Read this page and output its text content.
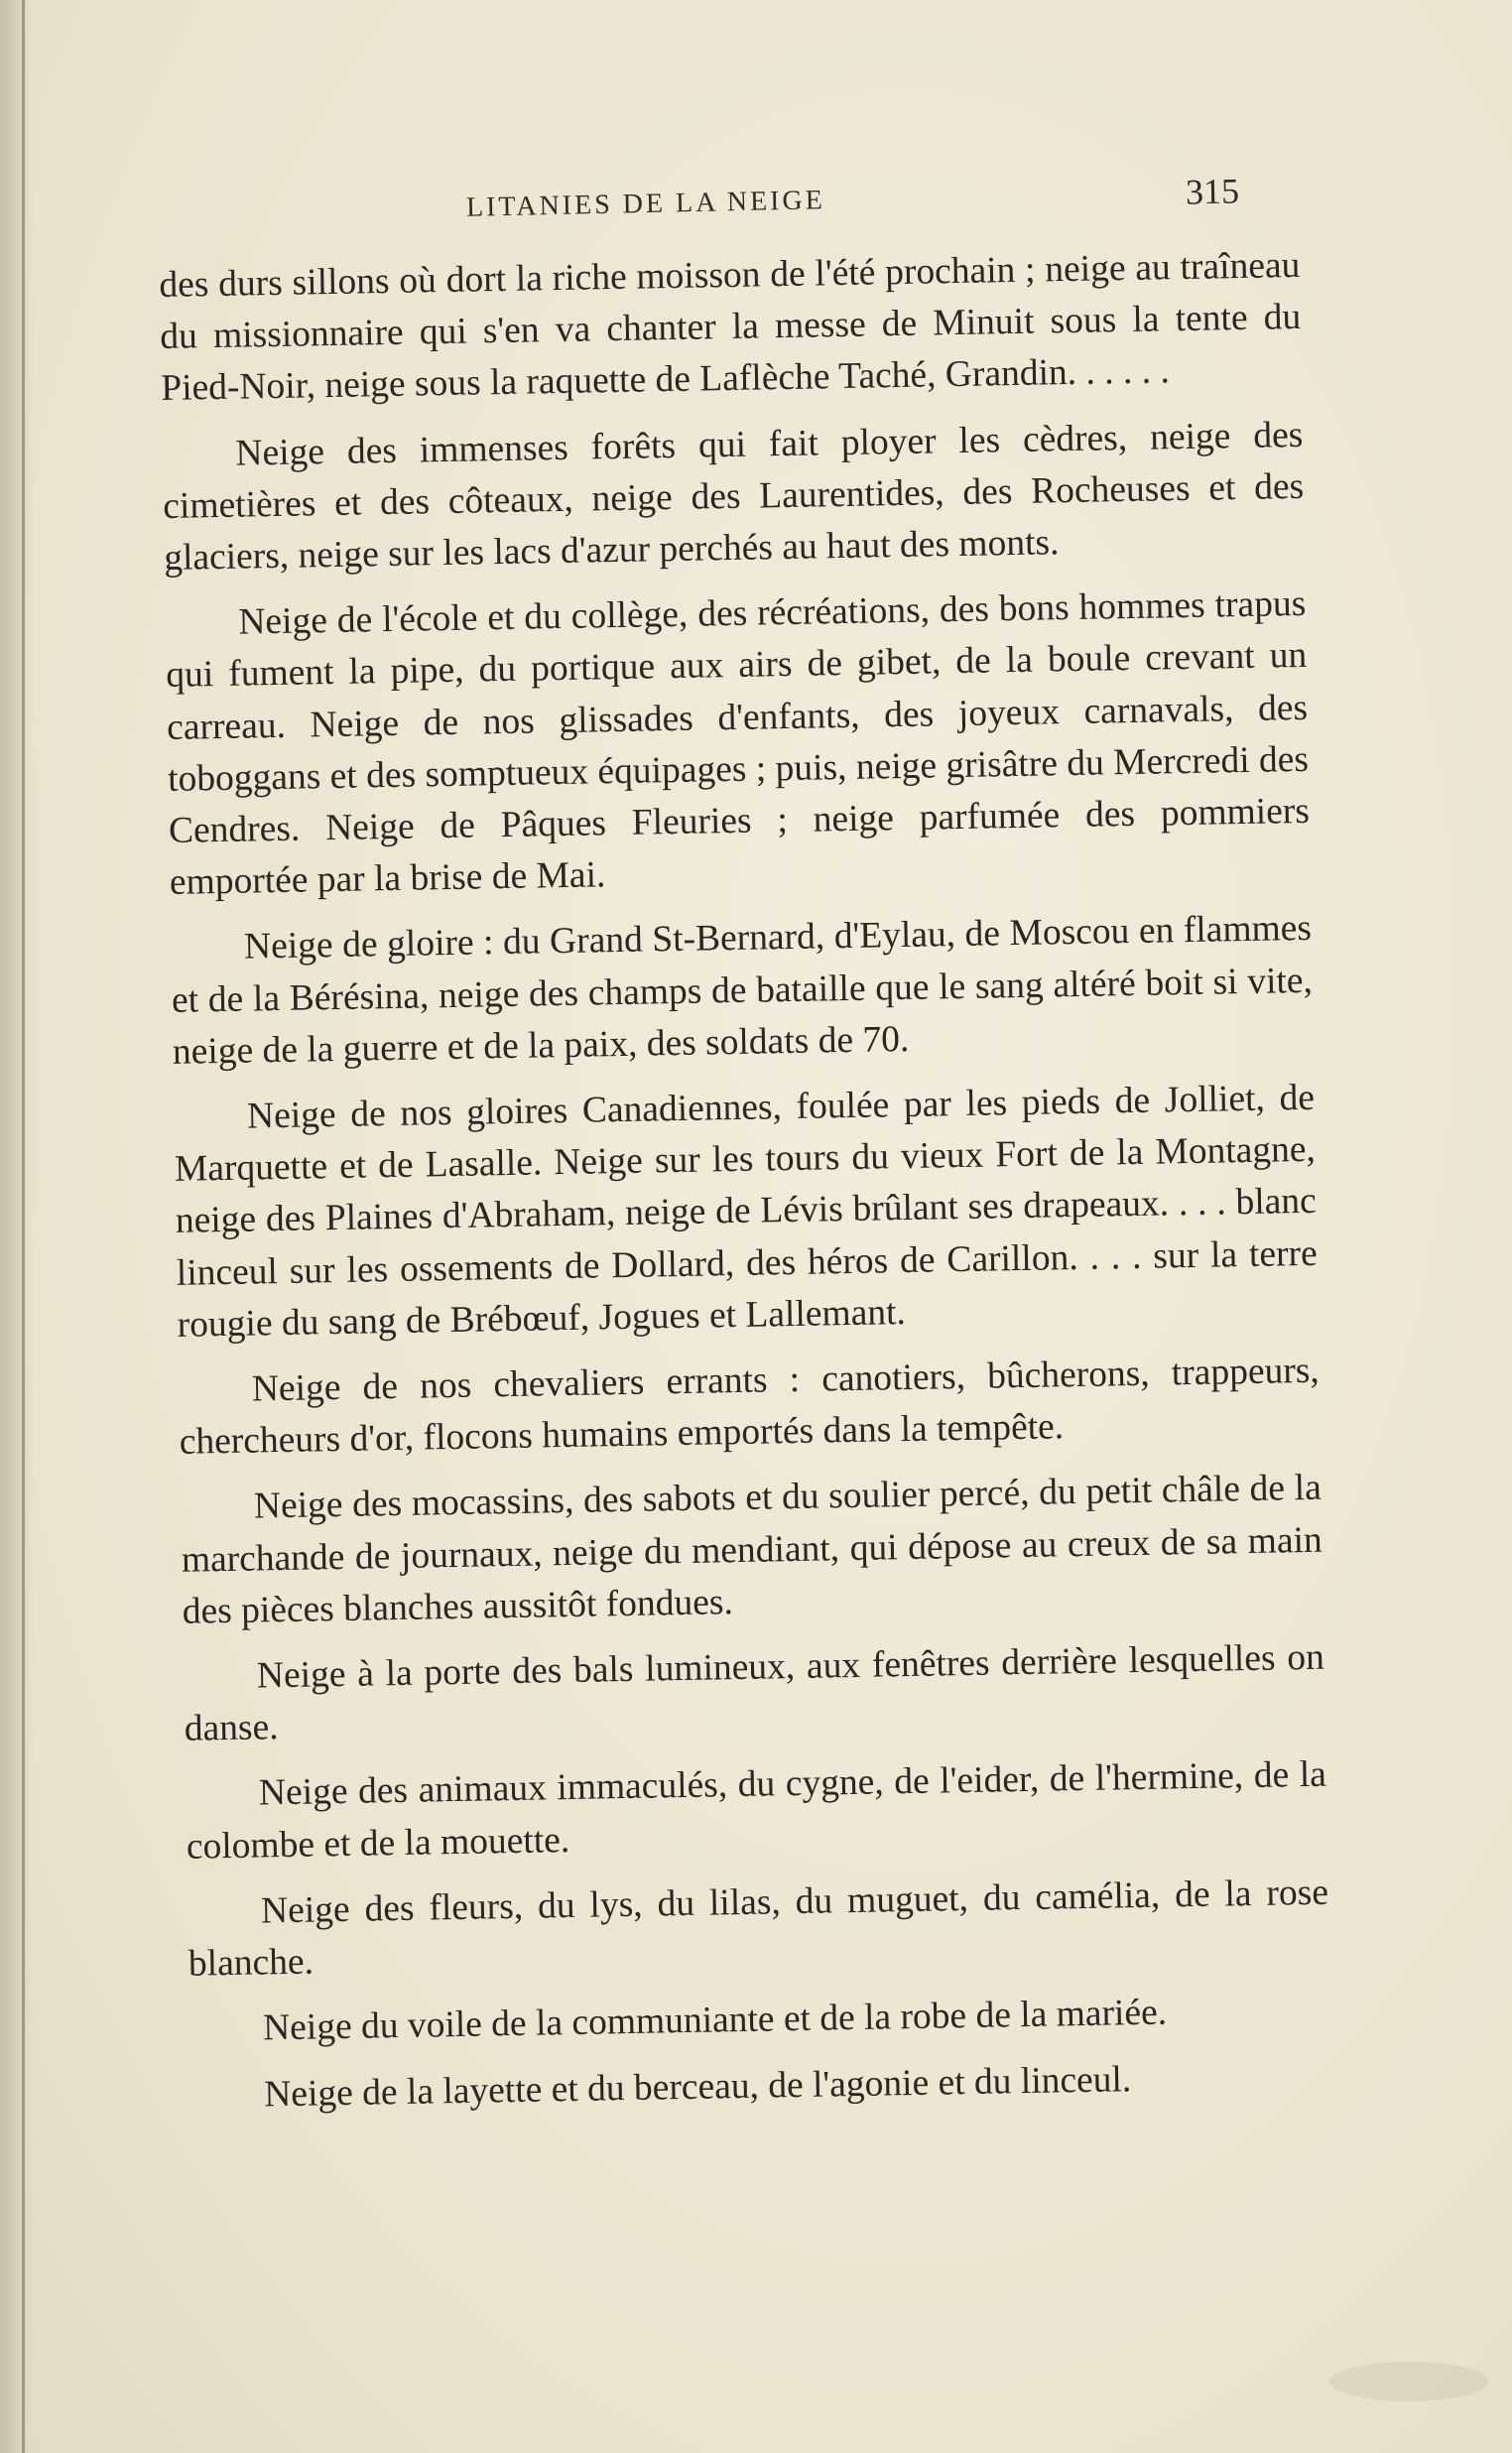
LITANIES DE LA NEIGE	315

des durs sillons où dort la riche moisson de l'été prochain ; neige au traîneau du missionnaire qui s'en va chanter la messe de Minuit sous la tente du Pied-Noir, neige sous la raquette de Laflèche Taché, Grandin. . . . . .

Neige des immenses forêts qui fait ployer les cèdres, neige des cimetières et des côteaux, neige des Laurentides, des Rocheuses et des glaciers, neige sur les lacs d'azur perchés au haut des monts.

Neige de l'école et du collège, des récréations, des bons hommes trapus qui fument la pipe, du portique aux airs de gibet, de la boule crevant un carreau. Neige de nos glissades d'enfants, des joyeux carnavals, des toboggans et des somptueux équipages ; puis, neige grisâtre du Mercredi des Cendres. Neige de Pâques Fleuries ; neige parfumée des pommiers emportée par la brise de Mai.

Neige de gloire : du Grand St-Bernard, d'Eylau, de Moscou en flammes et de la Bérésina, neige des champs de bataille que le sang altéré boit si vite, neige de la guerre et de la paix, des soldats de 70.

Neige de nos gloires Canadiennes, foulée par les pieds de Jolliet, de Marquette et de Lasalle. Neige sur les tours du vieux Fort de la Montagne, neige des Plaines d'Abraham, neige de Lévis brûlant ses drapeaux. . . . blanc linceul sur les ossements de Dollard, des héros de Carillon. . . . sur la terre rougie du sang de Brébœuf, Jogues et Lallemant.

Neige de nos chevaliers errants : canotiers, bûcherons, trappeurs, chercheurs d'or, flocons humains emportés dans la tempête.

Neige des mocassins, des sabots et du soulier percé, du petit châle de la marchande de journaux, neige du mendiant, qui dépose au creux de sa main des pièces blanches aussitôt fondues.

Neige à la porte des bals lumineux, aux fenêtres derrière lesquelles on danse.

Neige des animaux immaculés, du cygne, de l'eider, de l'hermine, de la colombe et de la mouette.

Neige des fleurs, du lys, du lilas, du muguet, du camélia, de la rose blanche.

Neige du voile de la communiante et de la robe de la mariée.

Neige de la layette et du berceau, de l'agonie et du linceul.
